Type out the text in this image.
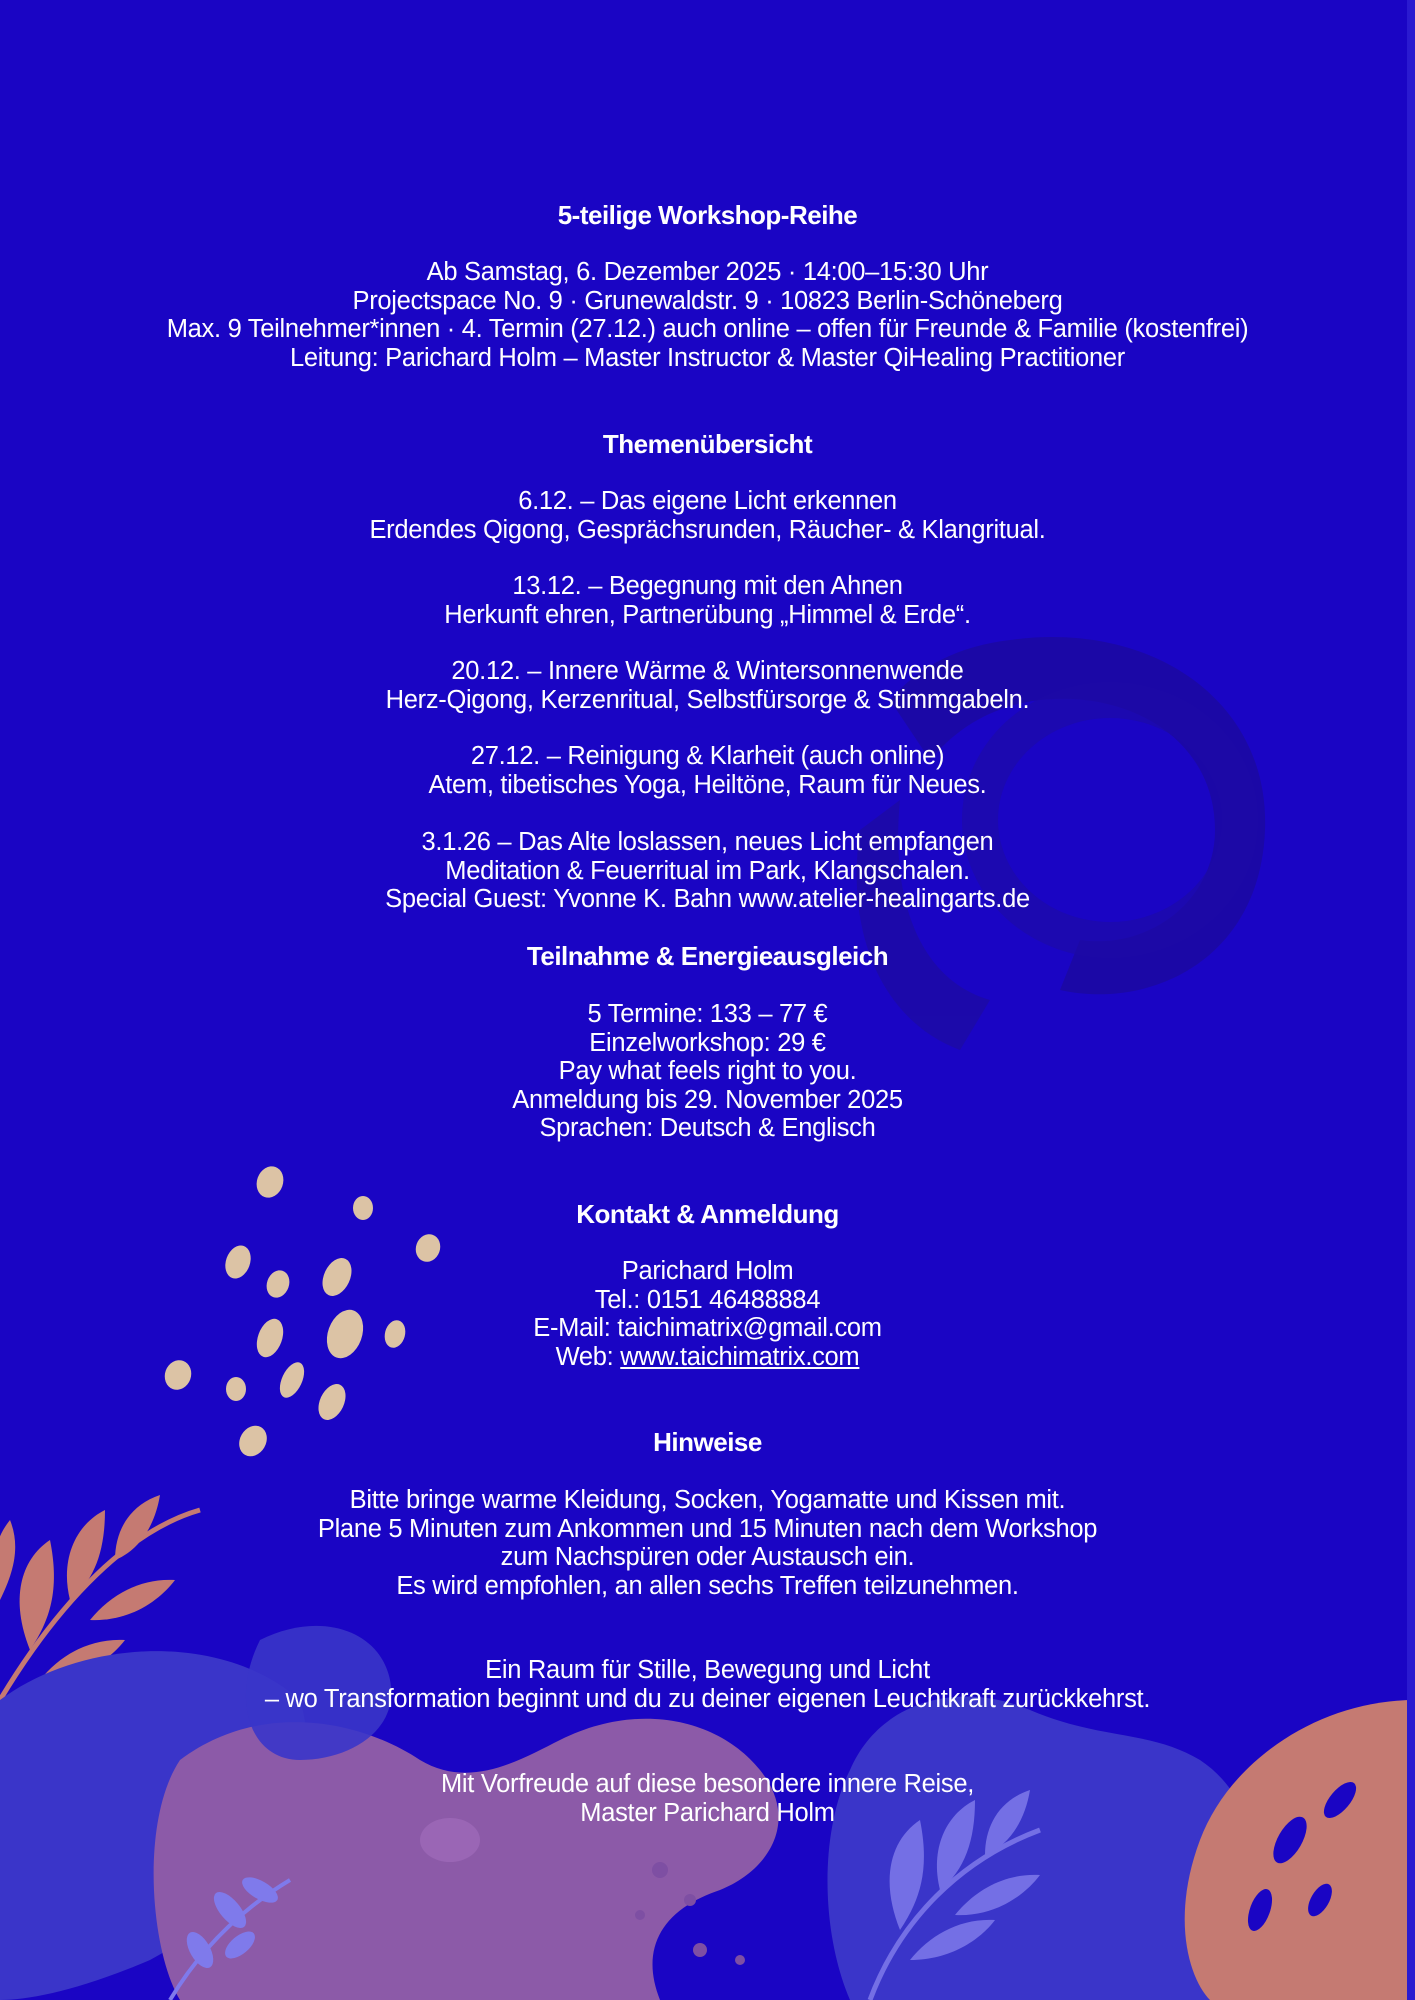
5-teilige Workshop-Reihe
Ab Samstag, 6. Dezember 2025 · 14:00–15:30 Uhr
Projectspace No. 9 · Grunewaldstr. 9 · 10823 Berlin-Schöneberg
Max. 9 Teilnehmer*innen · 4. Termin (27.12.) auch online – offen für Freunde & Familie (kostenfrei)
Leitung: Parichard Holm – Master Instructor & Master QiHealing Practitioner
Themenübersicht
6.12. – Das eigene Licht erkennen
Erdendes Qigong, Gesprächsrunden, Räucher- & Klangritual.
13.12. – Begegnung mit den Ahnen
Herkunft ehren, Partnerübung „Himmel & Erde“.
20.12. – Innere Wärme & Wintersonnenwende
Herz-Qigong, Kerzenritual, Selbstfürsorge & Stimmgabeln.
27.12. – Reinigung & Klarheit (auch online)
Atem, tibetisches Yoga, Heiltöne, Raum für Neues.
3.1.26 – Das Alte loslassen, neues Licht empfangen
Meditation & Feuerritual im Park, Klangschalen.
Special Guest: Yvonne K. Bahn www.atelier-healingarts.de
Teilnahme & Energieausgleich
5 Termine: 133 – 77 €
Einzelworkshop: 29 €
Pay what feels right to you.
Anmeldung bis 29. November 2025
Sprachen: Deutsch & Englisch
Kontakt & Anmeldung
Parichard Holm
Tel.: 0151 46488884
E-Mail: taichimatrix@gmail.com
Web: www.taichimatrix.com
Hinweise
Bitte bringe warme Kleidung, Socken, Yogamatte und Kissen mit.
Plane 5 Minuten zum Ankommen und 15 Minuten nach dem Workshop
zum Nachspüren oder Austausch ein.
Es wird empfohlen, an allen sechs Treffen teilzunehmen.
Ein Raum für Stille, Bewegung und Licht
– wo Transformation beginnt und du zu deiner eigenen Leuchtkraft zurückkehrst.
Mit Vorfreude auf diese besondere innere Reise,
Master Parichard Holm
